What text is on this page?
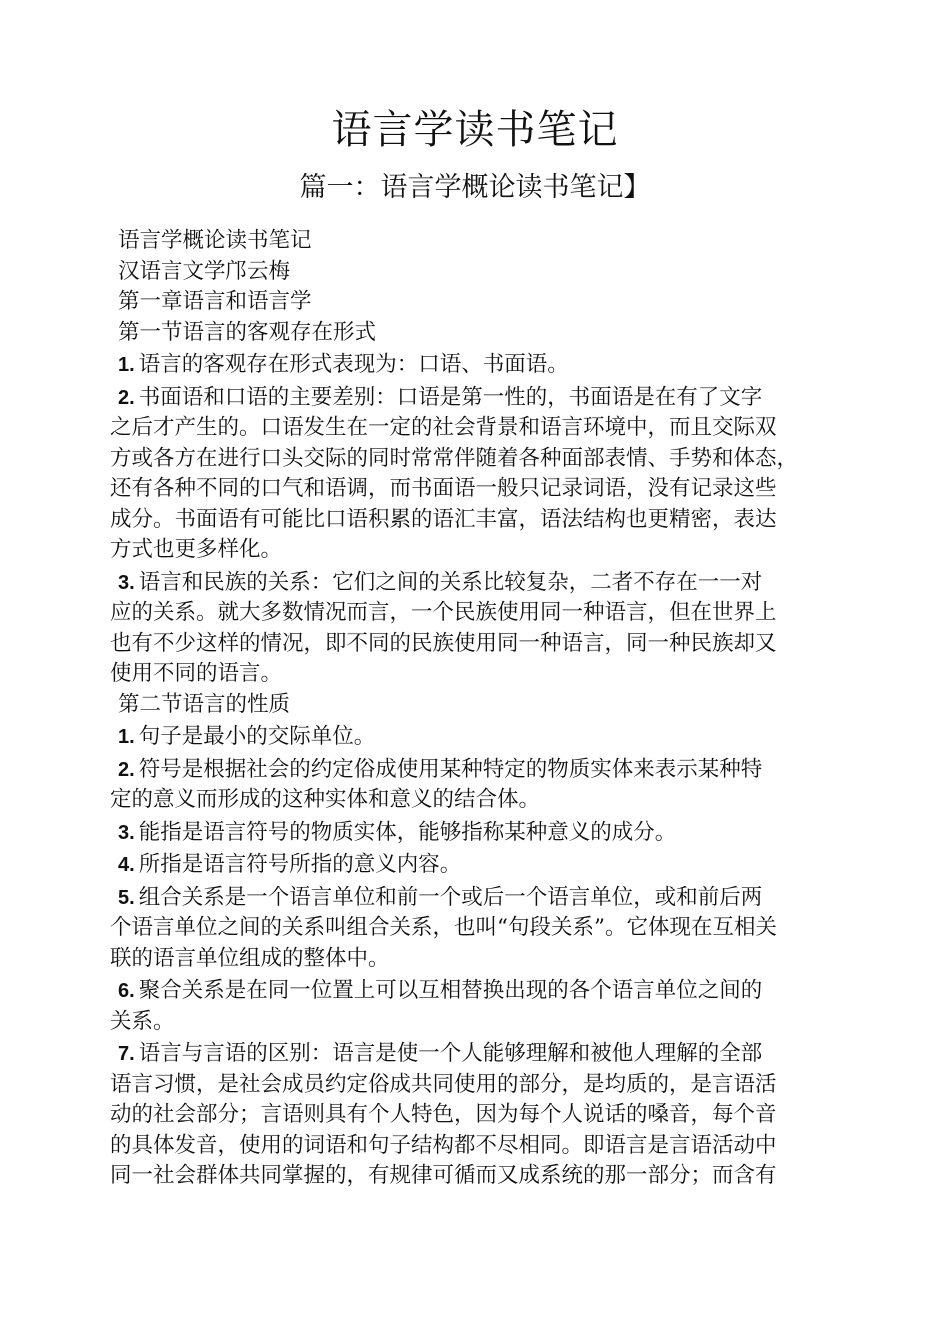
语言学读书笔记
篇一：语言学概论读书笔记】
语言学概论读书笔记
汉语言文学邝云梅
第一章语言和语言学
第一节语言的客观存在形式
1. 语言的客观存在形式表现为：口语、书面语。
2. 书面语和口语的主要差别：口语是第一性的，书面语是在有了文字
之后才产生的。口语发生在一定的社会背景和语言环境中，而且交际双
方或各方在进行口头交际的同时常常伴随着各种面部表情、手势和体态，
还有各种不同的口气和语调，而书面语一般只记录词语，没有记录这些
成分。书面语有可能比口语积累的语汇丰富，语法结构也更精密，表达
方式也更多样化。
3. 语言和民族的关系：它们之间的关系比较复杂，二者不存在一一对
应的关系。就大多数情况而言，一个民族使用同一种语言，但在世界上
也有不少这样的情况，即不同的民族使用同一种语言，同一种民族却又
使用不同的语言。
第二节语言的性质
1. 句子是最小的交际单位。
2. 符号是根据社会的约定俗成使用某种特定的物质实体来表示某种特
定的意义而形成的这种实体和意义的结合体。
3. 能指是语言符号的物质实体，能够指称某种意义的成分。
4. 所指是语言符号所指的意义内容。
5. 组合关系是一个语言单位和前一个或后一个语言单位，或和前后两
个语言单位之间的关系叫组合关系，也叫“句段关系”。它体现在互相关
联的语言单位组成的整体中。
6. 聚合关系是在同一位置上可以互相替换出现的各个语言单位之间的
关系。
7. 语言与言语的区别：语言是使一个人能够理解和被他人理解的全部
语言习惯，是社会成员约定俗成共同使用的部分，是均质的，是言语活
动的社会部分；言语则具有个人特色，因为每个人说话的嗓音，每个音
的具体发音，使用的词语和句子结构都不尽相同。即语言是言语活动中
同一社会群体共同掌握的，有规律可循而又成系统的那一部分；而含有
